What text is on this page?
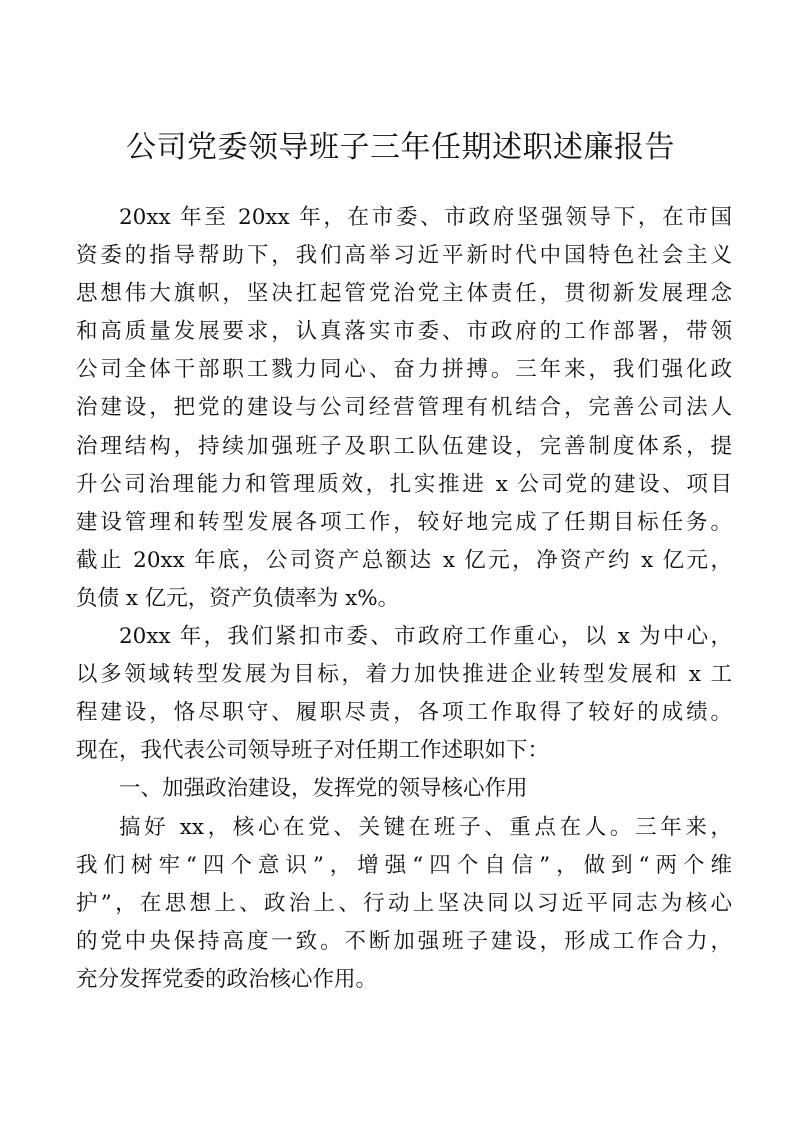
公司党委领导班子三年任期述职述廉报告
20xx 年至 20xx 年，在市委、市政府坚强领导下，在市国
资委的指导帮助下，我们高举习近平新时代中国特色社会主义
思想伟大旗帜，坚决扛起管党治党主体责任，贯彻新发展理念
和高质量发展要求，认真落实市委、市政府的工作部署，带领
公司全体干部职工戮力同心、奋力拼搏。三年来，我们强化政
治建设，把党的建设与公司经营管理有机结合，完善公司法人
治理结构，持续加强班子及职工队伍建设，完善制度体系，提
升公司治理能力和管理质效，扎实推进 x 公司党的建设、项目
建设管理和转型发展各项工作，较好地完成了任期目标任务。
截止 20xx 年底，公司资产总额达 x 亿元，净资产约 x 亿元，
负债 x 亿元，资产负债率为 x%。
20xx 年，我们紧扣市委、市政府工作重心，以 x 为中心，
以多领域转型发展为目标，着力加快推进企业转型发展和 x 工
程建设，恪尽职守、履职尽责，各项工作取得了较好的成绩。
现在，我代表公司领导班子对任期工作述职如下：
一、加强政治建设，发挥党的领导核心作用
搞好 xx，核心在党、关键在班子、重点在人。三年来，
我们树牢“四个意识”，增强“四个自信”，做到“两个维
护”，在思想上、政治上、行动上坚决同以习近平同志为核心
的党中央保持高度一致。不断加强班子建设，形成工作合力，
充分发挥党委的政治核心作用。
